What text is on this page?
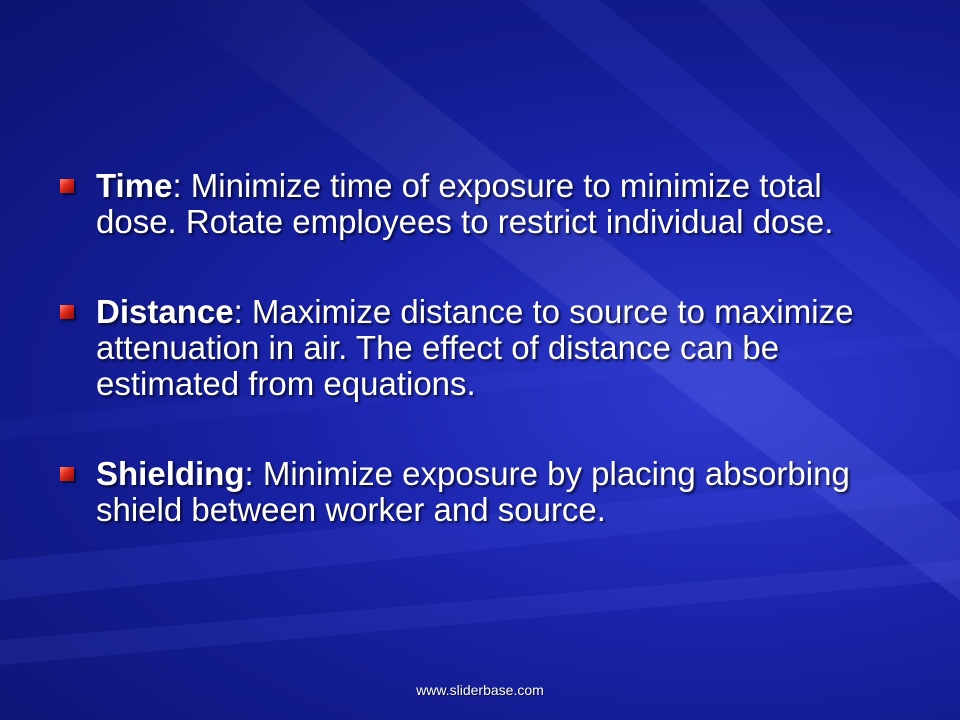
Time: Minimize time of exposure to minimize total dose. Rotate employees to restrict individual dose.
Distance: Maximize distance to source to maximize attenuation in air. The effect of distance can be estimated from equations.
Shielding: Minimize exposure by placing absorbing shield between worker and source.
www.sliderbase.com
